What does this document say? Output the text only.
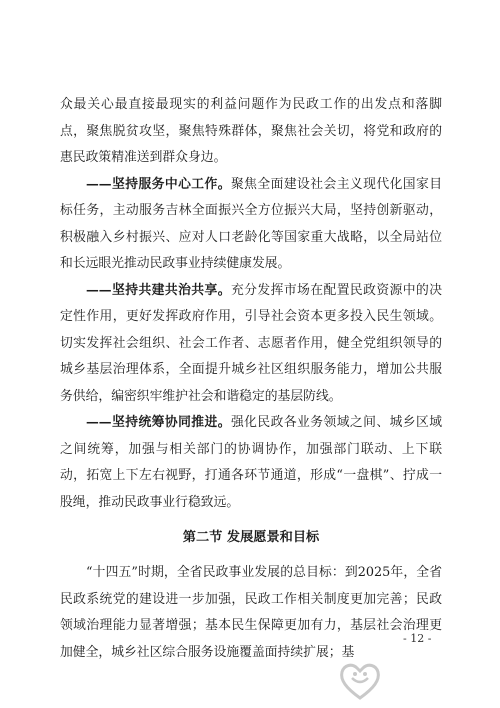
众最关心最直接最现实的利益问题作为民政工作的出发点和落脚点，聚焦脱贫攻坚，聚焦特殊群体，聚焦社会关切，将党和政府的惠民政策精准送到群众身边。

——坚持服务中心工作。聚焦全面建设社会主义现代化国家目标任务，主动服务吉林全面振兴全方位振兴大局，坚持创新驱动，积极融入乡村振兴、应对人口老龄化等国家重大战略，以全局站位和长远眼光推动民政事业持续健康发展。

——坚持共建共治共享。充分发挥市场在配置民政资源中的决定性作用，更好发挥政府作用，引导社会资本更多投入民生领域。切实发挥社会组织、社会工作者、志愿者作用，健全党组织领导的城乡基层治理体系，全面提升城乡社区组织服务能力，增加公共服务供给，编密织牢维护社会和谐稳定的基层防线。

——坚持统筹协同推进。强化民政各业务领域之间、城乡区域之间统筹，加强与相关部门的协调协作，加强部门联动、上下联动，拓宽上下左右视野，打通各环节通道，形成“一盘棋”、拧成一股绳，推动民政事业行稳致远。

第二节 发展愿景和目标

“十四五”时期，全省民政事业发展的总目标：到2025年，全省民政系统党的建设进一步加强，民政工作相关制度更加完善；民政领域治理能力显著增强；基本民生保障更加有力，基层社会治理更加健全，城乡社区综合服务设施覆盖面持续扩展；基

- 12 -
